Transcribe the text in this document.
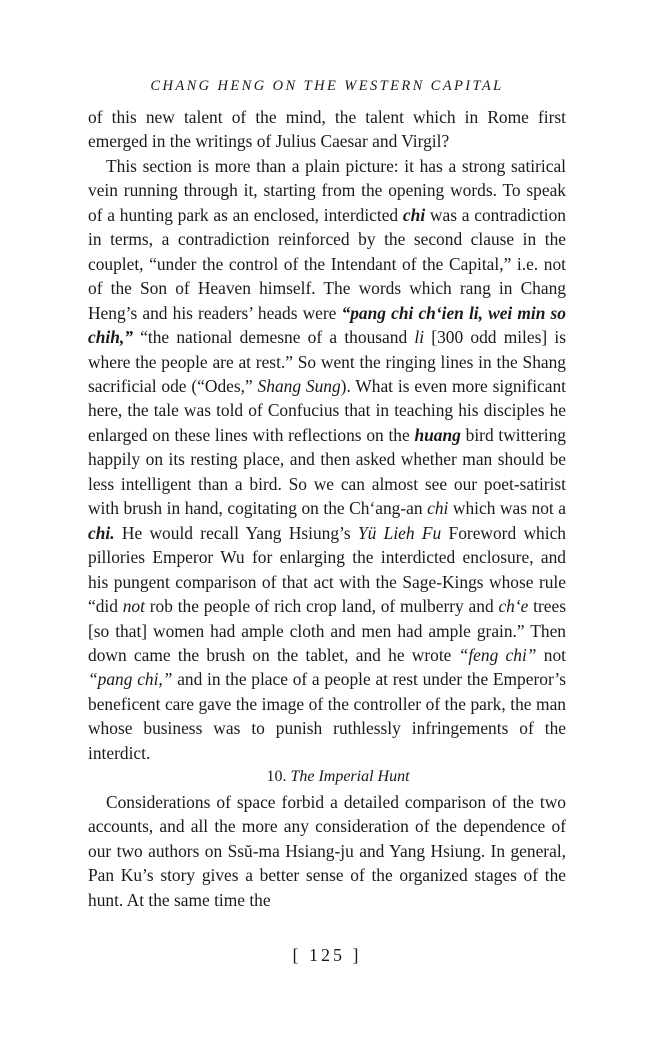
CHANG HENG ON THE WESTERN CAPITAL

of this new talent of the mind, the talent which in Rome first emerged in the writings of Julius Caesar and Virgil?

This section is more than a plain picture: it has a strong satirical vein running through it, starting from the opening words. To speak of a hunting park as an enclosed, interdicted chi was a contradiction in terms, a contradiction reinforced by the second clause in the couplet, “under the control of the Intendant of the Capital,” i.e. not of the Son of Heaven himself. The words which rang in Chang Heng’s and his readers’ heads were “pang chi ch‘ien li, wei min so chih,” “the national demesne of a thousand li [300 odd miles] is where the people are at rest.” So went the ringing lines in the Shang sacrificial ode (“Odes,” Shang Sung). What is even more significant here, the tale was told of Confucius that in teaching his disciples he enlarged on these lines with reflections on the huang bird twittering happily on its resting place, and then asked whether man should be less intelligent than a bird. So we can almost see our poet-satirist with brush in hand, cogitating on the Ch‘ang-an chi which was not a chi. He would recall Yang Hsiung’s Yü Lieh Fu Foreword which pillories Emperor Wu for enlarging the interdicted enclosure, and his pungent comparison of that act with the Sage-Kings whose rule “did not rob the people of rich crop land, of mulberry and ch‘e trees [so that] women had ample cloth and men had ample grain.” Then down came the brush on the tablet, and he wrote “feng chi” not “pang chi,” and in the place of a people at rest under the Emperor’s beneficent care gave the image of the controller of the park, the man whose business was to punish ruthlessly infringements of the interdict.

10. The Imperial Hunt

Considerations of space forbid a detailed comparison of the two accounts, and all the more any consideration of the dependence of our two authors on Ssŭ-ma Hsiang-ju and Yang Hsiung. In general, Pan Ku’s story gives a better sense of the organized stages of the hunt. At the same time the

[ 125 ]
